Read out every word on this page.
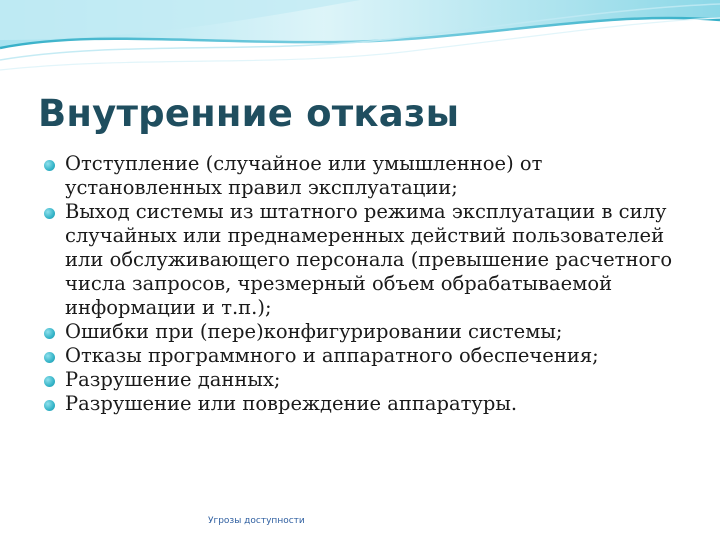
Внутренние отказы
Отступление (случайное или умышленное) от установленных правил эксплуатации;
Выход системы из штатного режима эксплуатации в силу случайных или преднамеренных действий пользователей или обслуживающего персонала (превышение расчетного числа запросов, чрезмерный объем обрабатываемой информации и т.п.);
Ошибки при (пере)конфигурировании системы;
Отказы программного и аппаратного обеспечения;
Разрушение данных;
Разрушение или повреждение аппаратуры.
Угрозы доступности
